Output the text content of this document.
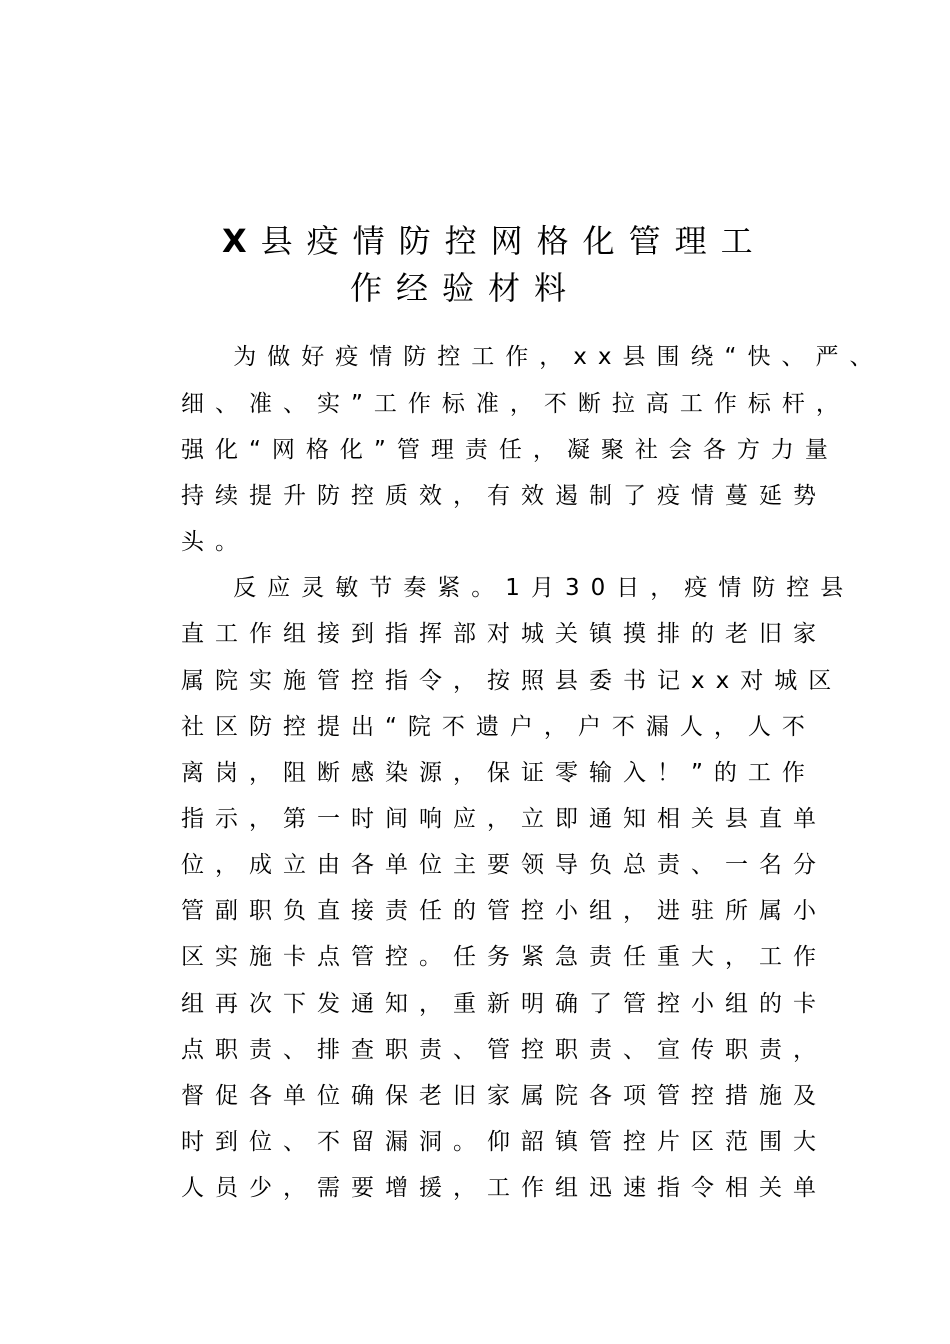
X县疫情防控网格化管理工
作经验材料
　 为做好疫情防控工作，xx县围绕“快、严、
细、准、实”工作标准，不断拉高工作标杆，
强化“网格化”管理责任，凝聚社会各方力量
持续提升防控质效，有效遏制了疫情蔓延势
头。
　 反应灵敏节奏紧。1月30日，疫情防控县
直工作组接到指挥部对城关镇摸排的老旧家
属院实施管控指令，按照县委书记xx对城区
社区防控提出“院不遗户，户不漏人，人不
离岗，阻断感染源，保证零输入！”的工作
指示，第一时间响应，立即通知相关县直单
位，成立由各单位主要领导负总责、一名分
管副职负直接责任的管控小组，进驻所属小
区实施卡点管控。任务紧急责任重大，工作
组再次下发通知，重新明确了管控小组的卡
点职责、排查职责、管控职责、宣传职责，
督促各单位确保老旧家属院各项管控措施及
时到位、不留漏洞。仰韶镇管控片区范围大
人员少，需要增援，工作组迅速指令相关单
